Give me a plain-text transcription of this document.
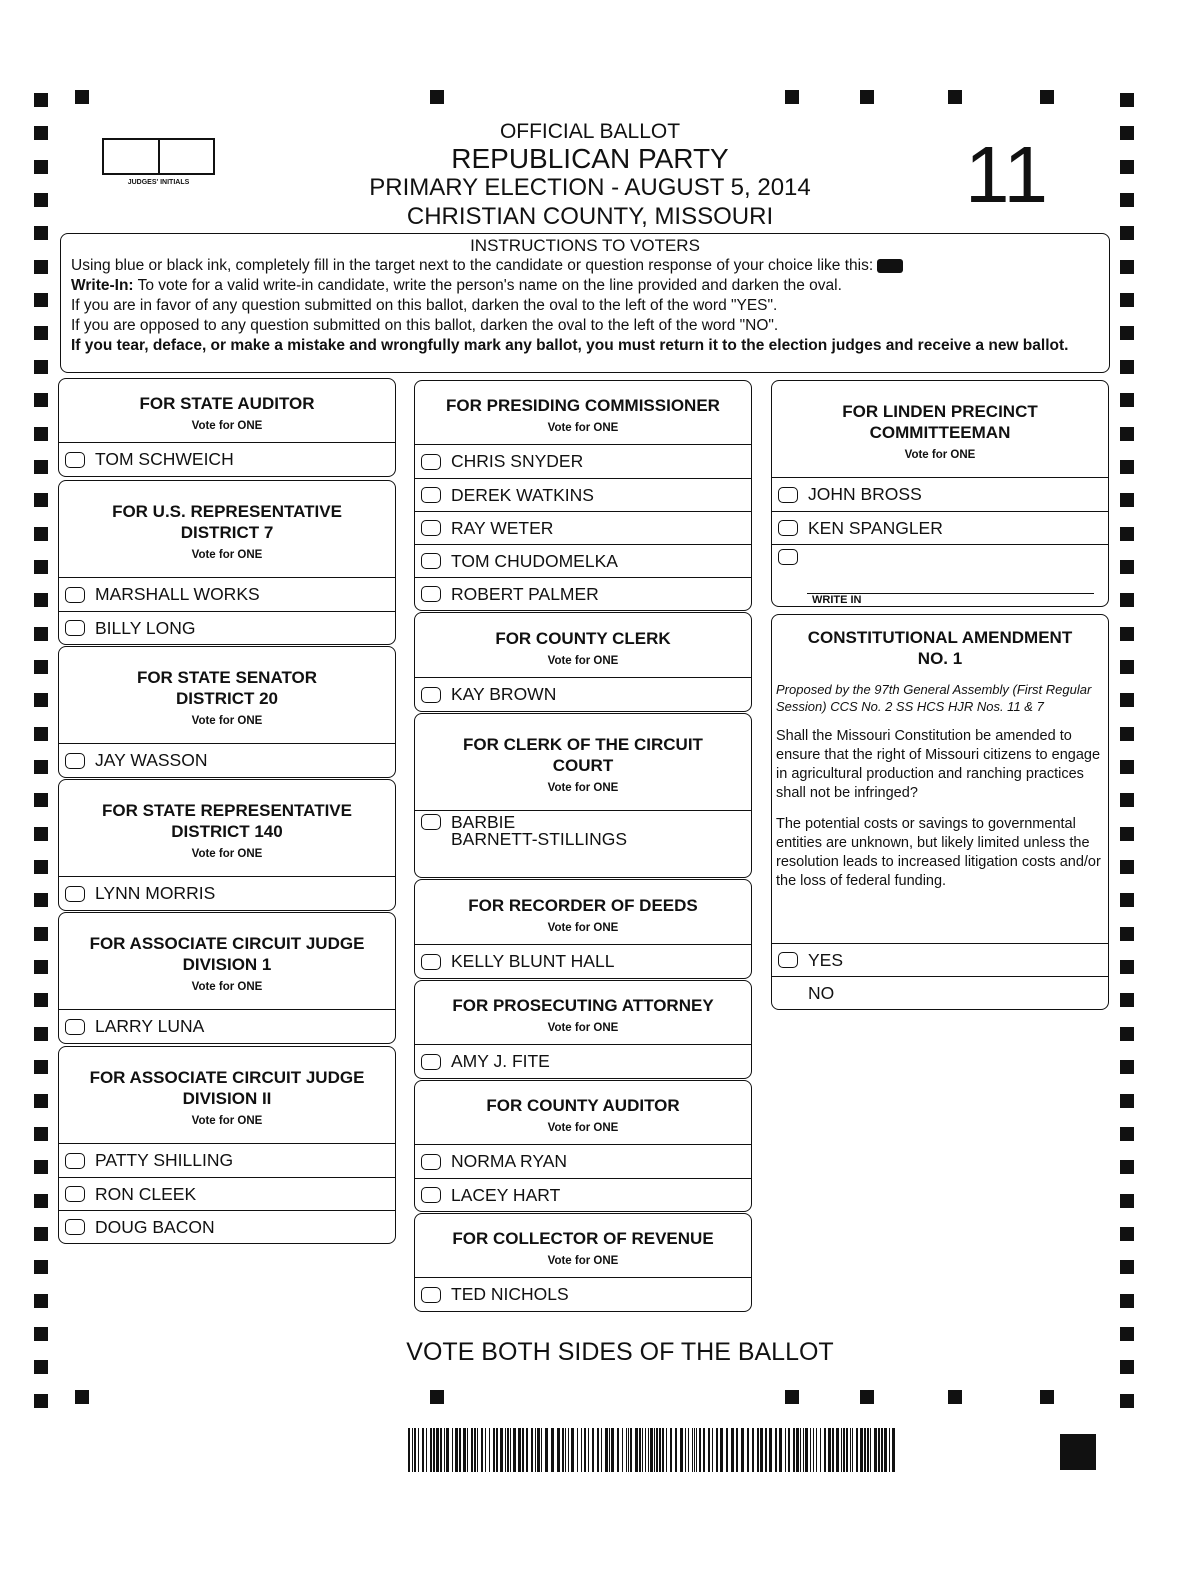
JUDGES' INITIALS
OFFICIAL BALLOT
REPUBLICAN PARTY
PRIMARY ELECTION - AUGUST 5, 2014
CHRISTIAN COUNTY, MISSOURI	11
INSTRUCTIONS TO VOTERS
Using blue or black ink, completely fill in the target next to the candidate or question response of your choice like this:
Write-In: To vote for a valid write-in candidate, write the person's name on the line provided and darken the oval.
If you are in favor of any question submitted on this ballot, darken the oval to the left of the word "YES".
If you are opposed to any question submitted on this ballot, darken the oval to the left of the word "NO".
If you tear, deface, or make a mistake and wrongfully mark any ballot, you must return it to the election judges and receive a new ballot.
FOR STATE AUDITOR
Vote for ONE
TOM SCHWEICH
FOR U.S. REPRESENTATIVE
DISTRICT 7
Vote for ONE
MARSHALL WORKS
BILLY LONG
FOR STATE SENATOR
DISTRICT 20
Vote for ONE
JAY WASSON
FOR STATE REPRESENTATIVE
DISTRICT 140
Vote for ONE
LYNN MORRIS
FOR ASSOCIATE CIRCUIT JUDGE
DIVISION 1
Vote for ONE
LARRY LUNA
FOR ASSOCIATE CIRCUIT JUDGE
DIVISION II
Vote for ONE
PATTY SHILLING
RON CLEEK
DOUG BACON
FOR PRESIDING COMMISSIONER
Vote for ONE
CHRIS SNYDER
DEREK WATKINS
RAY WETER
TOM CHUDOMELKA
ROBERT PALMER
FOR COUNTY CLERK
Vote for ONE
KAY BROWN
FOR CLERK OF THE CIRCUIT
COURT
Vote for ONE
BARBIE
BARNETT-STILLINGS
FOR RECORDER OF DEEDS
Vote for ONE
KELLY BLUNT HALL
FOR PROSECUTING ATTORNEY
Vote for ONE
AMY J. FITE
FOR COUNTY AUDITOR
Vote for ONE
NORMA RYAN
LACEY HART
FOR COLLECTOR OF REVENUE
Vote for ONE
TED NICHOLS
FOR LINDEN PRECINCT
COMMITTEEMAN
Vote for ONE
JOHN BROSS
KEN SPANGLER
WRITE IN
CONSTITUTIONAL AMENDMENT
NO. 1
Proposed by the 97th General Assembly (First Regular Session) CCS No. 2 SS HCS HJR Nos. 11 & 7

Shall the Missouri Constitution be amended to ensure that the right of Missouri citizens to engage in agricultural production and ranching practices shall not be infringed?

The potential costs or savings to governmental entities are unknown, but likely limited unless the resolution leads to increased litigation costs and/or the loss of federal funding.

YES
NO
VOTE BOTH SIDES OF THE BALLOT
